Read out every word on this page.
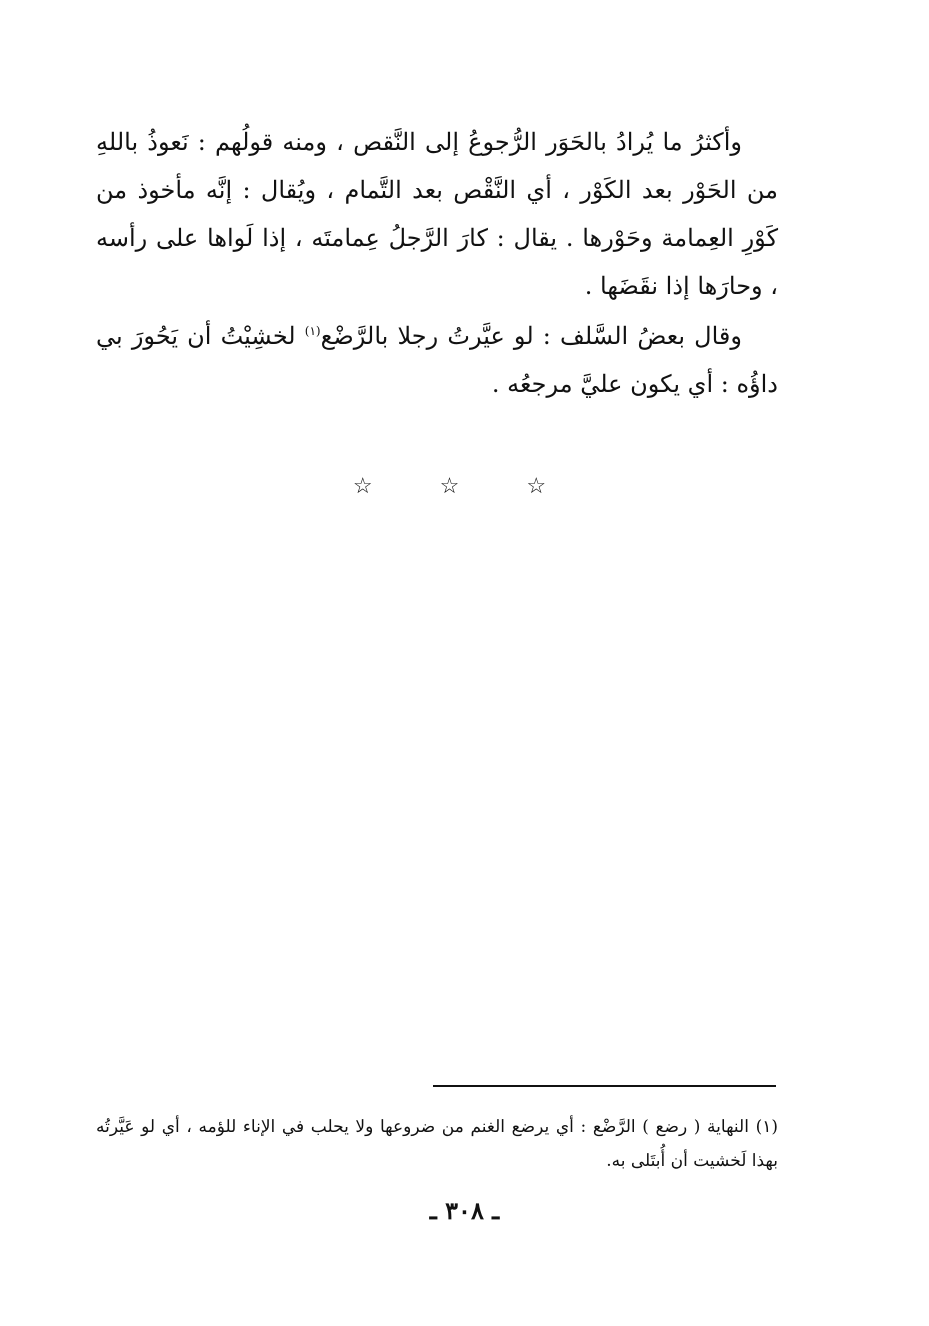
وأكثرُ ما يُرادُ بالحَوَر الرُّجوعُ إلى النَّقص ، ومنه قولُهم : نَعوذُ باللهِ من الحَوْر بعد الكَوْر ، أي النَّقْص بعد التَّمام ، ويُقال : إنَّه مأخوذ من كَوْرِ العِمامة وحَوْرها . يقال : كارَ الرَّجلُ عِمامتَه ، إذا لَواها على رأسه ، وحارَها إذا نقَضَها .

وقال بعضُ السَّلف : لو عيَّرتُ رجلا بالرَّضْع$^{(١)}$ لخشِيْتُ أن يَحُورَ بي داؤُه : أي يكون عليَّ مرجعُه .

☆ ☆ ☆

(١) النهاية ( رضع ) الرَّضْع : أي يرضع الغنم من ضروعها ولا يحلب في الإناء للؤمه ، أي لو عَيَّرتُه بهذا لَخشيت أن أُبتَلى به.

ـ ٣٠٨ ـ
